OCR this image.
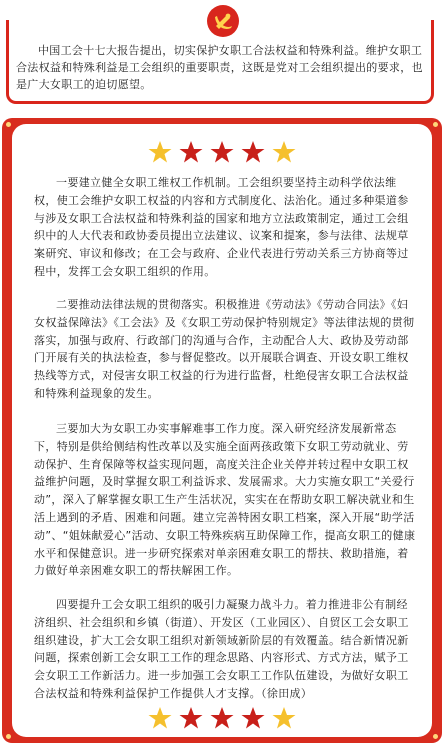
中国工会十七大报告提出，切实保护女职工合法权益和特殊利益。维护女职工合法权益和特殊利益是工会组织的重要职责，这既是党对工会组织提出的要求，也是广大女职工的迫切愿望。

一要建立健全女职工维权工作机制。工会组织要坚持主动科学依法维权，使工会维护女职工权益的内容和方式制度化、法治化。通过多种渠道参与涉及女职工合法权益和特殊利益的国家和地方立法政策制定，通过工会组织中的人大代表和政协委员提出立法建议、议案和提案，参与法律、法规草案研究、审议和修改；在工会与政府、企业代表进行劳动关系三方协商等过程中，发挥工会女职工组织的作用。

二要推动法律法规的贯彻落实。积极推进《劳动法》《劳动合同法》《妇女权益保障法》《工会法》及《女职工劳动保护特别规定》等法律法规的贯彻落实，加强与政府、行政部门的沟通与合作，主动配合人大、政协及劳动部门开展有关的执法检查，参与督促整改。以开展联合调查、开设女职工维权热线等方式，对侵害女职工权益的行为进行监督，杜绝侵害女职工合法权益和特殊利益现象的发生。

三要加大为女职工办实事解难事工作力度。深入研究经济发展新常态下，特别是供给侧结构性改革以及实施全面两孩政策下女职工劳动就业、劳动保护、生育保障等权益实现问题，高度关注企业关停并转过程中女职工权益维护问题，及时掌握女职工利益诉求、发展需求。大力实施女职工“关爱行动”，深入了解掌握女职工生产生活状况，实实在在帮助女职工解决就业和生活上遇到的矛盾、困难和问题。建立完善特困女职工档案，深入开展“助学活动”、“姐妹献爱心”活动、女职工特殊疾病互助保障工作，提高女职工的健康水平和保健意识。进一步研究探索对单亲困难女职工的帮扶、救助措施，着力做好单亲困难女职工的帮扶解困工作。

四要提升工会女职工组织的吸引力凝聚力战斗力。着力推进非公有制经济组织、社会组织和乡镇（街道）、开发区（工业园区）、自贸区工会女职工组织建设，扩大工会女职工组织对新领域新阶层的有效覆盖。结合新情况新问题，探索创新工会女职工工作的理念思路、内容形式、方式方法，赋予工会女职工工作新活力。进一步加强工会女职工工作队伍建设，为做好女职工合法权益和特殊利益保护工作提供人才支撑。（徐田成）
